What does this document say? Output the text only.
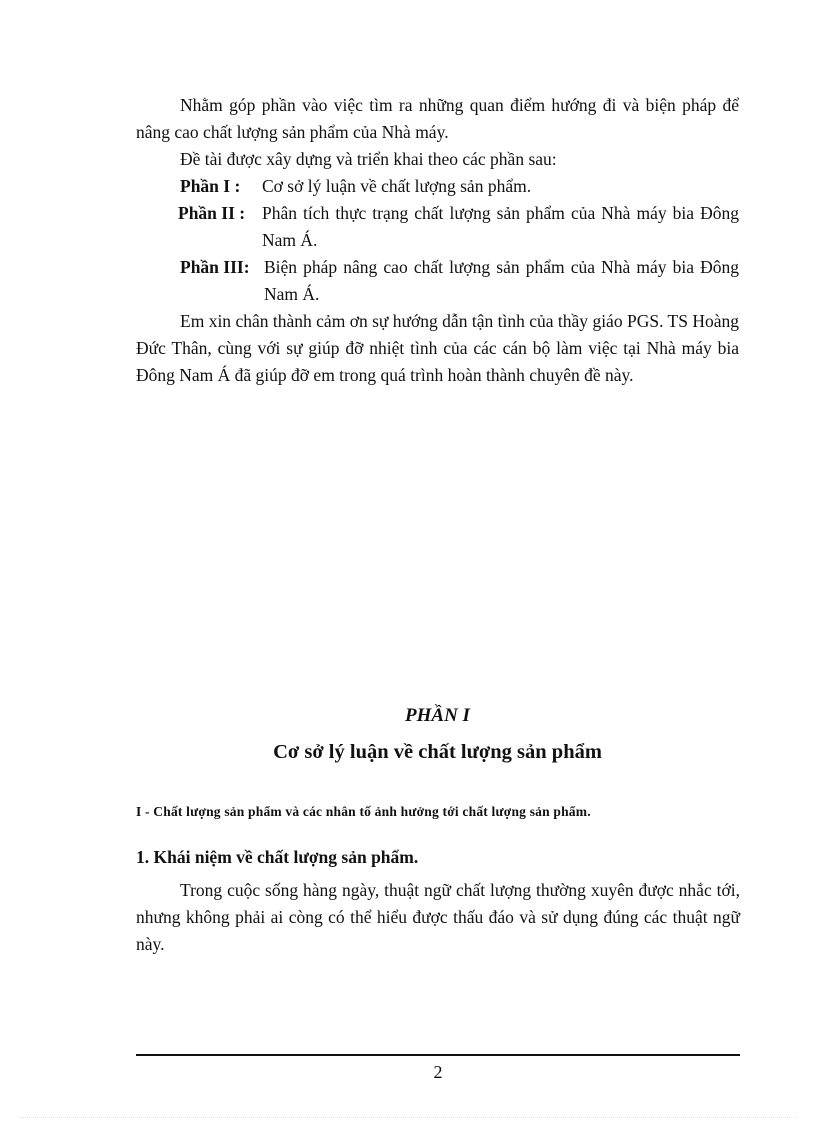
Nhằm góp phần vào việc tìm ra những quan điểm hướng đi và biện pháp để nâng cao chất lượng sản phẩm của Nhà máy.

Đề tài được xây dựng và triển khai theo các phần sau:

Phần I : Cơ sở lý luận về chất lượng sản phẩm.
Phần II : Phân tích thực trạng chất lượng sản phẩm của Nhà máy bia Đông Nam Á.
Phần III: Biện pháp nâng cao chất lượng sản phẩm của Nhà máy bia Đông Nam Á.

Em xin chân thành cảm ơn sự hướng dẫn tận tình của thầy giáo PGS. TS Hoàng Đức Thân, cùng với sự giúp đỡ nhiệt tình của các cán bộ làm việc tại Nhà máy bia Đông Nam Á đã giúp đỡ em trong quá trình hoàn thành chuyên đề này.

PHẦN I
Cơ sở lý luận về chất lượng sản phẩm
I - Chất lượng sản phẩm và các nhân tố ảnh hưởng tới chất lượng sản phẩm.
1. Khái niệm về chất lượng sản phẩm.

Trong cuộc sống hàng ngày, thuật ngữ chất lượng thường xuyên được nhắc tới, nhưng không phải ai còng có thể hiểu được thấu đáo và sử dụng đúng các thuật ngữ này.

2
